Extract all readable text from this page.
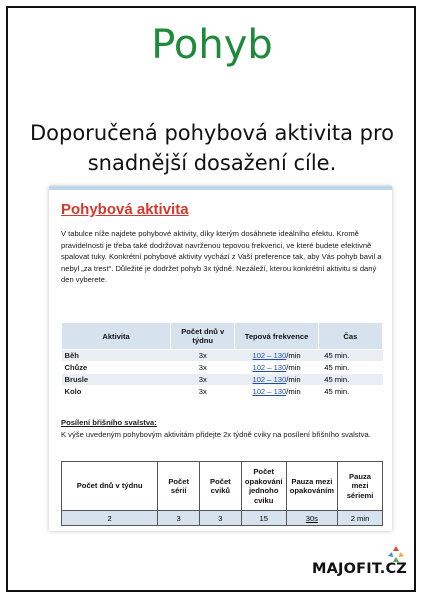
Pohyb
Doporučená pohybová aktivita pro snadnější dosažení cíle.
Pohybová aktivita
V tabulce níže najdete pohybové aktivity, díky kterým dosáhnete ideálního efektu. Kromě pravidelnosti je třeba také dodržovat navrženou tepovou frekvenci, ve které budete efektivně spalovat tuky. Konkrétní pohybové aktivity vychází z Vaší preference tak, aby Vás pohyb bavil a nebyl „za trest“. Důležité je dodržet pohyb 3x týdně. Nezáleží, kterou konkrétní aktivitu si daný den vyberete.
Aktivita	Počet dnů v týdnu	Tepová frekvence	Čas
Běh	3x	102 – 130/min	45 min.
Chůze	3x	102 – 130/min	45 min.
Brusle	3x	102 – 130/min	45 min.
Kolo	3x	102 – 130/min	45 min.
Posílení břišního svalstva:
K výše uvedeným pohybovým aktivitám přidejte 2x týdně cviky na posílení břišního svalstva.
Počet dnů v týdnu	Počet sérií	Počet cviků	Počet opakování jednoho cviku	Pauza mezi opakováním	Pauza mezi sériemi
2	3	3	15	30s	2 min
MAJOFIT.CZ
